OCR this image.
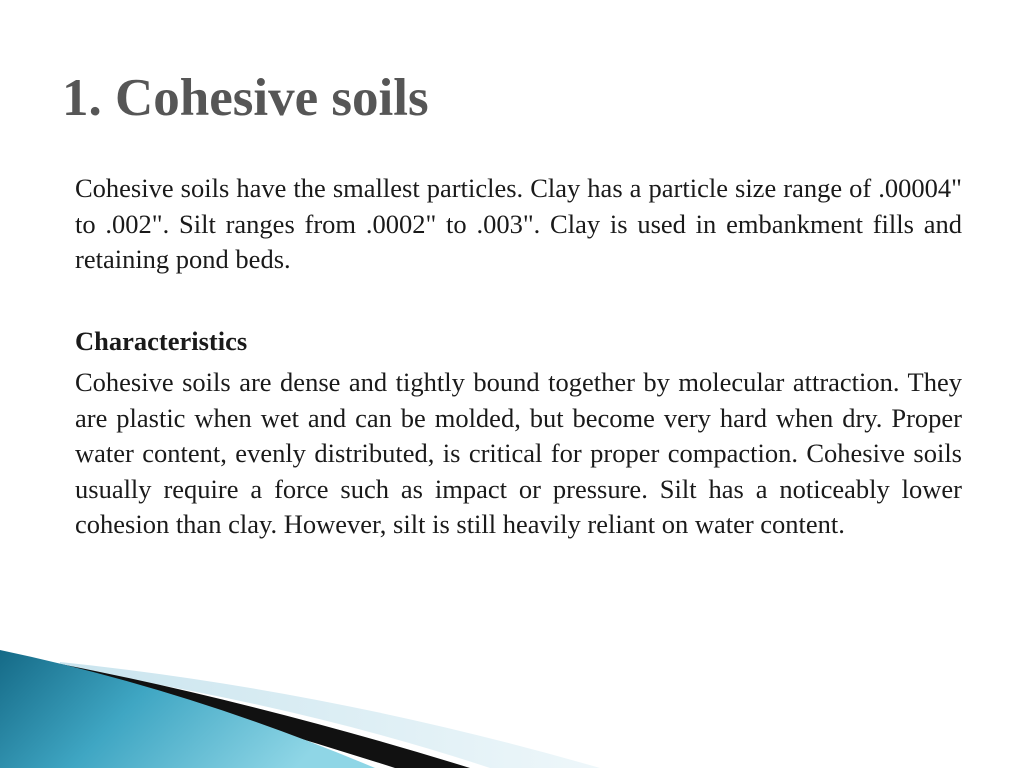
1. Cohesive soils

Cohesive soils have the smallest particles. Clay has a particle size range of .00004" to .002". Silt ranges from .0002" to .003". Clay is used in embankment fills and retaining pond beds.

Characteristics

Cohesive soils are dense and tightly bound together by molecular attraction. They are plastic when wet and can be molded, but become very hard when dry. Proper water content, evenly distributed, is critical for proper compaction. Cohesive soils usually require a force such as impact or pressure. Silt has a noticeably lower cohesion than clay. However, silt is still heavily reliant on water content.
